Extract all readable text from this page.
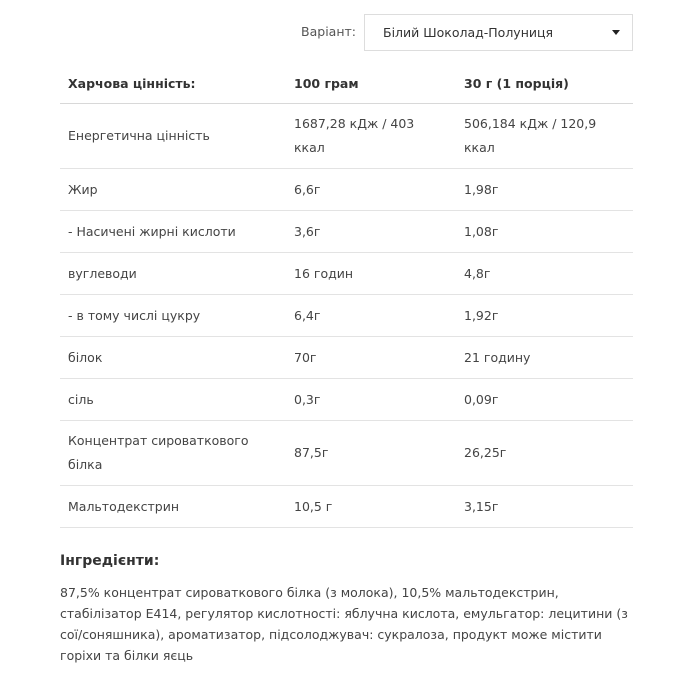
Варіант: Білий Шоколад-Полуниця
Харчова цінність:	100 грам	30 г (1 порція)
Енергетична цінність	1687,28 кДж / 403 ккал	506,184 кДж / 120,9 ккал
Жир	6,6г	1,98г
- Насичені жирні кислоти	3,6г	1,08г
вуглеводи	16 годин	4,8г
- в тому числі цукру	6,4г	1,92г
білок	70г	21 годину
сіль	0,3г	0,09г
Концентрат сироваткового білка	87,5г	26,25г
Мальтодекстрин	10,5 г	3,15г
Інгредієнти:
87,5% концентрат сироваткового білка (з молока), 10,5% мальтодекстрин, стабілізатор Е414, регулятор кислотності: яблучна кислота, емульгатор: лецитини (з сої/соняшника), ароматизатор, підсолоджувач: сукралоза, продукт може містити горіхи та білки яєць
